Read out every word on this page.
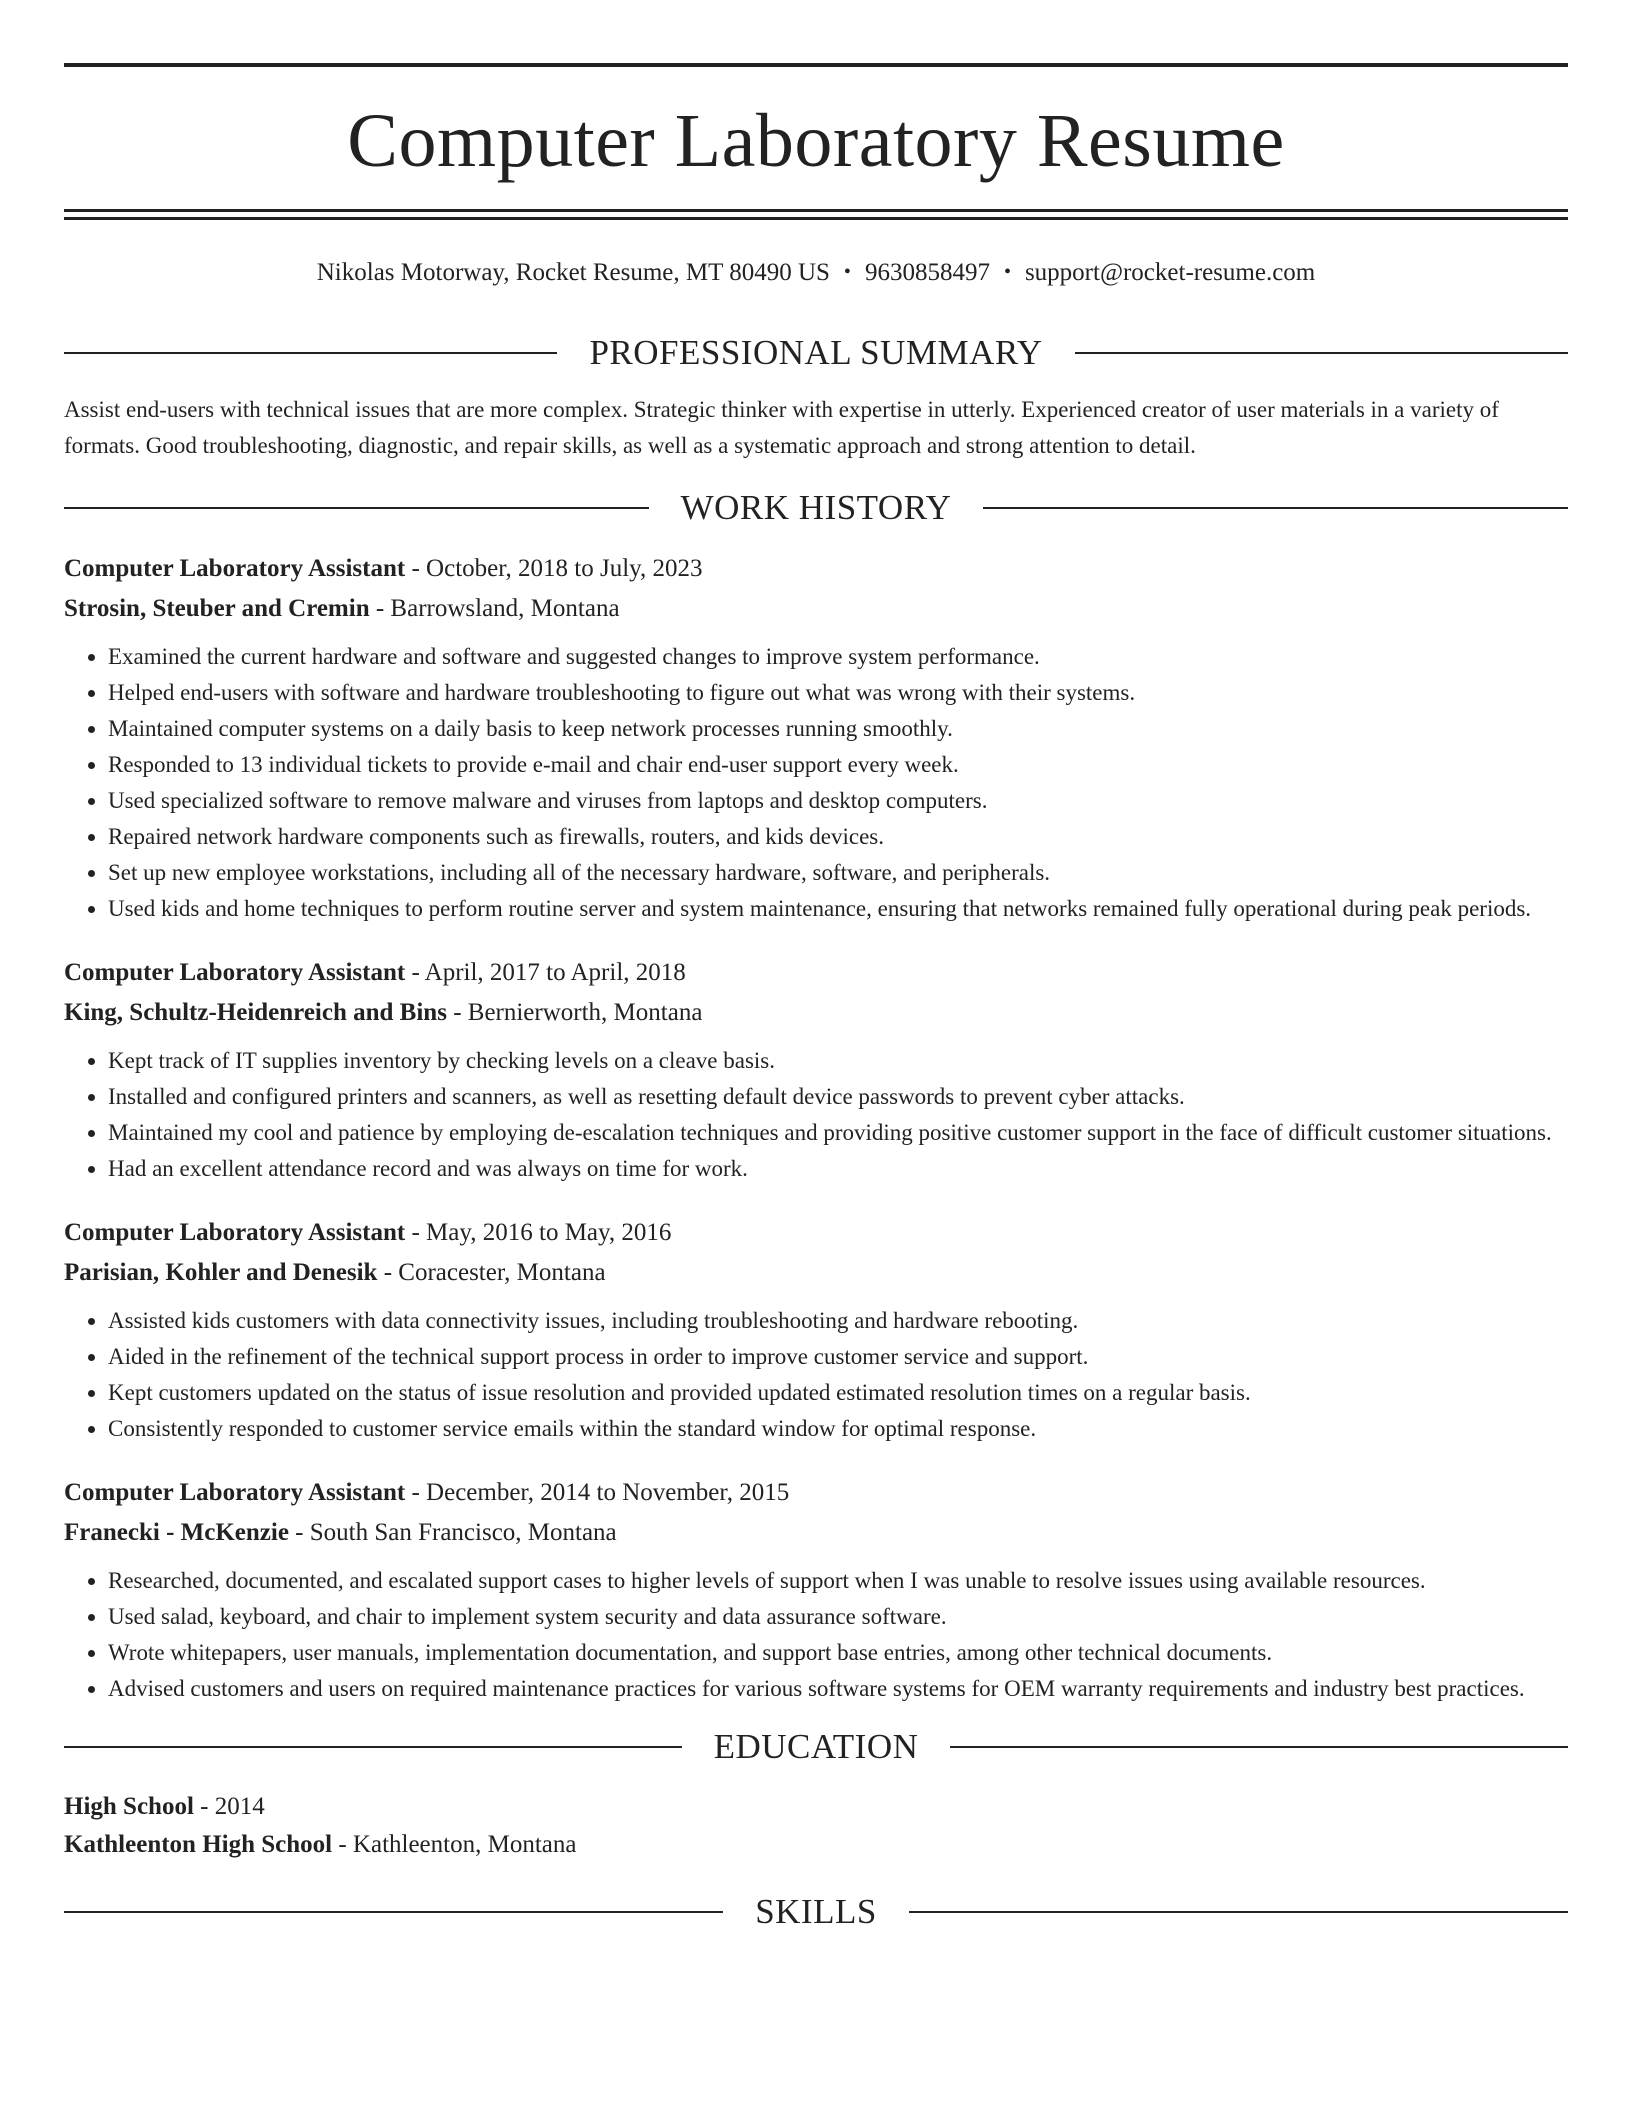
Computer Laboratory Resume
Nikolas Motorway, Rocket Resume, MT 80490 US • 9630858497 • support@rocket-resume.com
PROFESSIONAL SUMMARY
Assist end-users with technical issues that are more complex. Strategic thinker with expertise in utterly. Experienced creator of user materials in a variety of formats. Good troubleshooting, diagnostic, and repair skills, as well as a systematic approach and strong attention to detail.
WORK HISTORY
Computer Laboratory Assistant - October, 2018 to July, 2023
Strosin, Steuber and Cremin - Barrowsland, Montana
• Examined the current hardware and software and suggested changes to improve system performance.
• Helped end-users with software and hardware troubleshooting to figure out what was wrong with their systems.
• Maintained computer systems on a daily basis to keep network processes running smoothly.
• Responded to 13 individual tickets to provide e-mail and chair end-user support every week.
• Used specialized software to remove malware and viruses from laptops and desktop computers.
• Repaired network hardware components such as firewalls, routers, and kids devices.
• Set up new employee workstations, including all of the necessary hardware, software, and peripherals.
• Used kids and home techniques to perform routine server and system maintenance, ensuring that networks remained fully operational during peak periods.
Computer Laboratory Assistant - April, 2017 to April, 2018
King, Schultz-Heidenreich and Bins - Bernierworth, Montana
• Kept track of IT supplies inventory by checking levels on a cleave basis.
• Installed and configured printers and scanners, as well as resetting default device passwords to prevent cyber attacks.
• Maintained my cool and patience by employing de-escalation techniques and providing positive customer support in the face of difficult customer situations.
• Had an excellent attendance record and was always on time for work.
Computer Laboratory Assistant - May, 2016 to May, 2016
Parisian, Kohler and Denesik - Coracester, Montana
• Assisted kids customers with data connectivity issues, including troubleshooting and hardware rebooting.
• Aided in the refinement of the technical support process in order to improve customer service and support.
• Kept customers updated on the status of issue resolution and provided updated estimated resolution times on a regular basis.
• Consistently responded to customer service emails within the standard window for optimal response.
Computer Laboratory Assistant - December, 2014 to November, 2015
Franecki - McKenzie - South San Francisco, Montana
• Researched, documented, and escalated support cases to higher levels of support when I was unable to resolve issues using available resources.
• Used salad, keyboard, and chair to implement system security and data assurance software.
• Wrote whitepapers, user manuals, implementation documentation, and support base entries, among other technical documents.
• Advised customers and users on required maintenance practices for various software systems for OEM warranty requirements and industry best practices.
EDUCATION
High School - 2014
Kathleenton High School - Kathleenton, Montana
SKILLS
